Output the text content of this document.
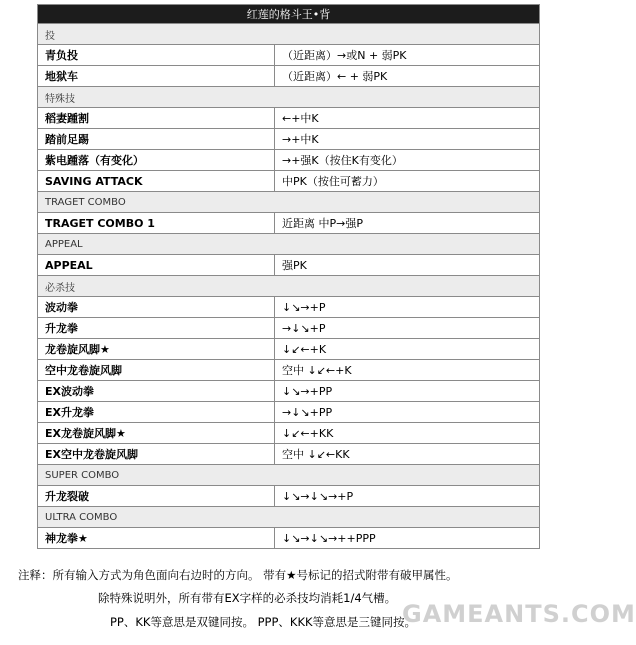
红莲的格斗王•背	
投	
青负投	（近距离）→或N + 弱PK
地狱车	（近距离）← + 弱PK
特殊技	
稻妻踵割	←+中K
踏前足踢	→+中K
紫电踵落（有变化）	→+强K（按住K有变化）
SAVING ATTACK	中PK（按住可蓄力）
TRAGET COMBO	
TRAGET COMBO 1	近距离 中P→强P
APPEAL	
APPEAL	强PK
必杀技	
波动拳	↓↘→+P
升龙拳	→↓↘+P
龙卷旋风脚★	↓↙←+K
空中龙卷旋风脚	空中 ↓↙←+K
EX波动拳	↓↘→+PP
EX升龙拳	→↓↘+PP
EX龙卷旋风脚★	↓↙←+KK
EX空中龙卷旋风脚	空中 ↓↙←KK
SUPER COMBO	
升龙裂破	↓↘→↓↘→+P
ULTRA COMBO	
神龙拳★	↓↘→↓↘→++PPP
注释：所有输入方式为角色面向右边时的方向。 带有★号标记的招式附带有破甲属性。
除特殊说明外，所有带有EX字样的必杀技均消耗1/4气槽。
PP、KK等意思是双键同按。 PPP、KKK等意思是三键同按。
GAMEANTS.COM
